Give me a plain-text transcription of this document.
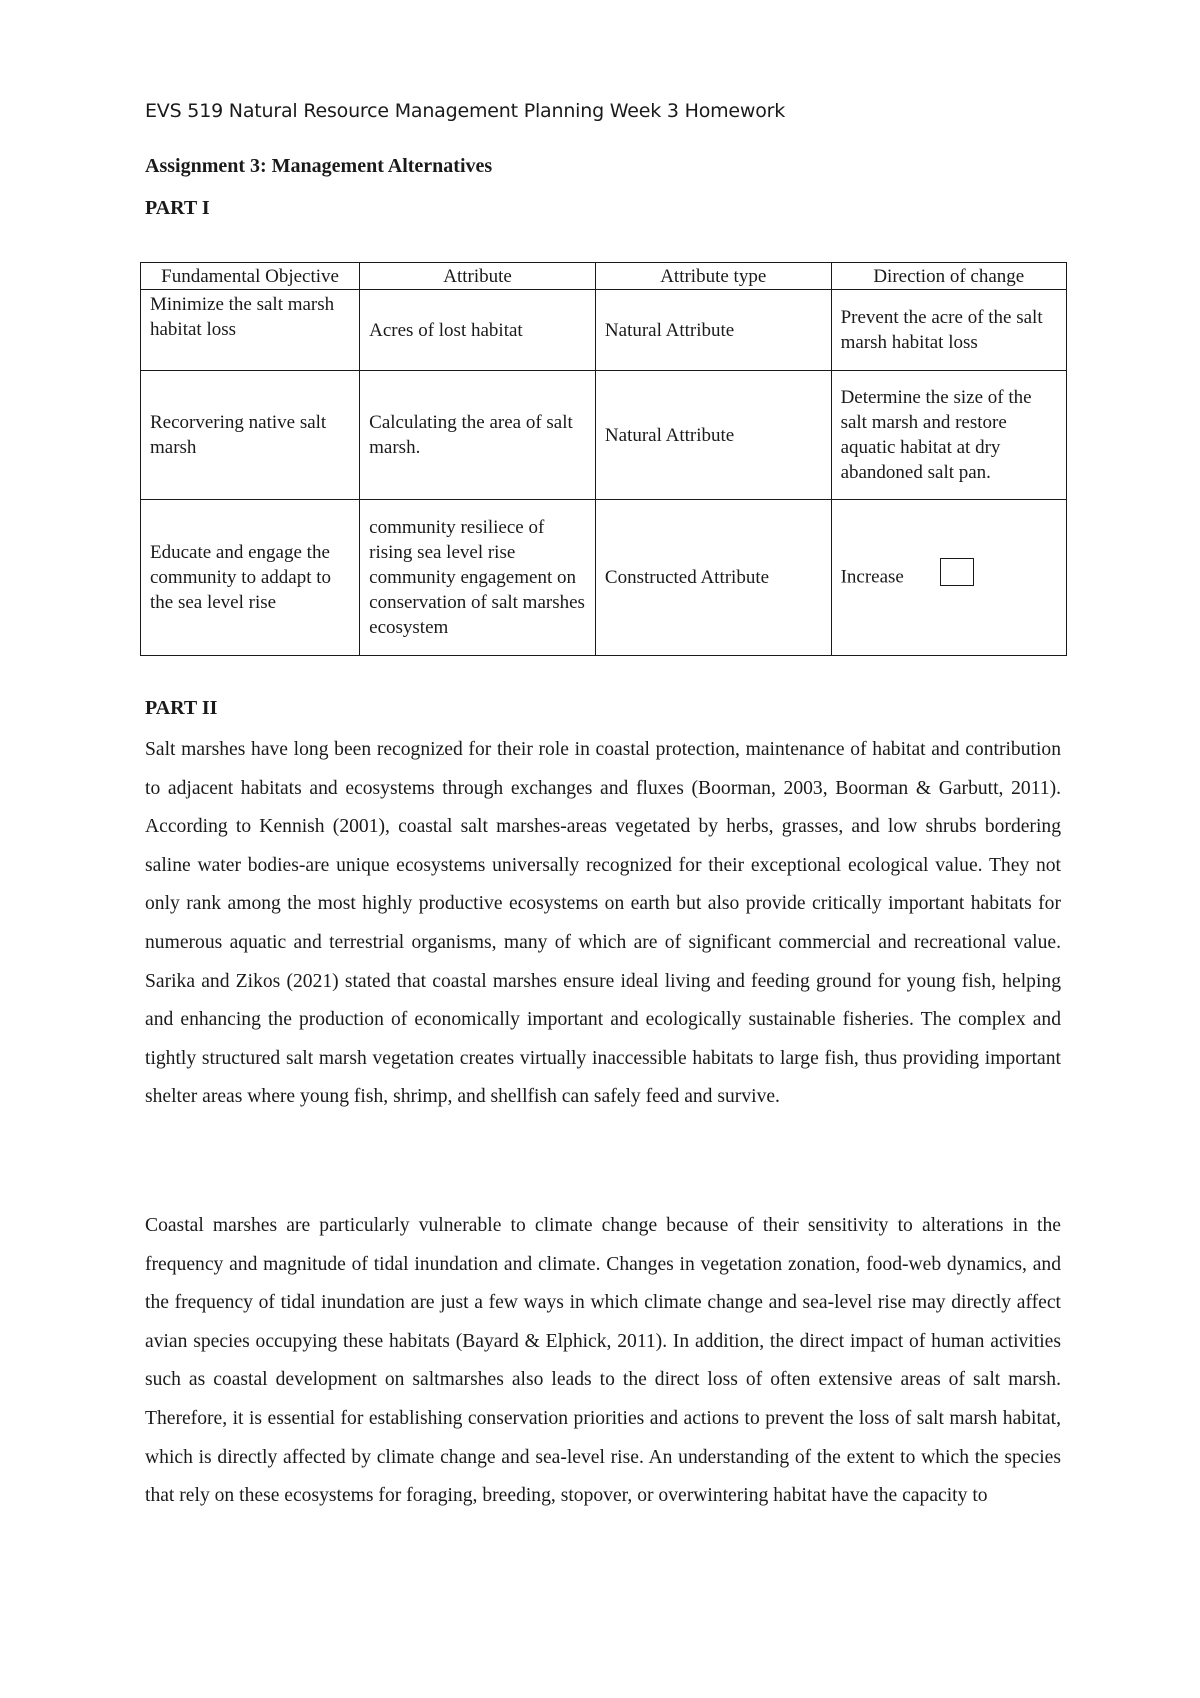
EVS 519 Natural Resource Management Planning Week 3 Homework
Assignment 3: Management Alternatives
PART I
Fundamental Objective	Attribute	Attribute type	Direction of change
Minimize the salt marsh habitat loss	Acres of lost habitat	Natural Attribute	Prevent the acre of the salt marsh habitat loss
Recorvering native salt marsh	Calculating the area of salt marsh.	Natural Attribute	Determine the size of the salt marsh and restore aquatic habitat at dry abandoned salt pan.
Educate and engage the community to addapt to the sea level rise	community resiliece of rising sea level rise community engagement on conservation of salt marshes ecosystem	Constructed Attribute	Increase
PART II

Salt marshes have long been recognized for their role in coastal protection, maintenance of habitat and contribution to adjacent habitats and ecosystems through exchanges and fluxes (Boorman, 2003, Boorman & Garbutt, 2011). According to Kennish (2001), coastal salt marshes-areas vegetated by herbs, grasses, and low shrubs bordering saline water bodies-are unique ecosystems universally recognized for their exceptional ecological value. They not only rank among the most highly productive ecosystems on earth but also provide critically important habitats for numerous aquatic and terrestrial organisms, many of which are of significant commercial and recreational value. Sarika and Zikos (2021) stated that coastal marshes ensure ideal living and feeding ground for young fish, helping and enhancing the production of economically important and ecologically sustainable fisheries. The complex and tightly structured salt marsh vegetation creates virtually inaccessible habitats to large fish, thus providing important shelter areas where young fish, shrimp, and shellfish can safely feed and survive.

Coastal marshes are particularly vulnerable to climate change because of their sensitivity to alterations in the frequency and magnitude of tidal inundation and climate. Changes in vegetation zonation, food-web dynamics, and the frequency of tidal inundation are just a few ways in which climate change and sea-level rise may directly affect avian species occupying these habitats (Bayard & Elphick, 2011). In addition, the direct impact of human activities such as coastal development on saltmarshes also leads to the direct loss of often extensive areas of salt marsh. Therefore, it is essential for establishing conservation priorities and actions to prevent the loss of salt marsh habitat, which is directly affected by climate change and sea-level rise. An understanding of the extent to which the species that rely on these ecosystems for foraging, breeding, stopover, or overwintering habitat have the capacity to
